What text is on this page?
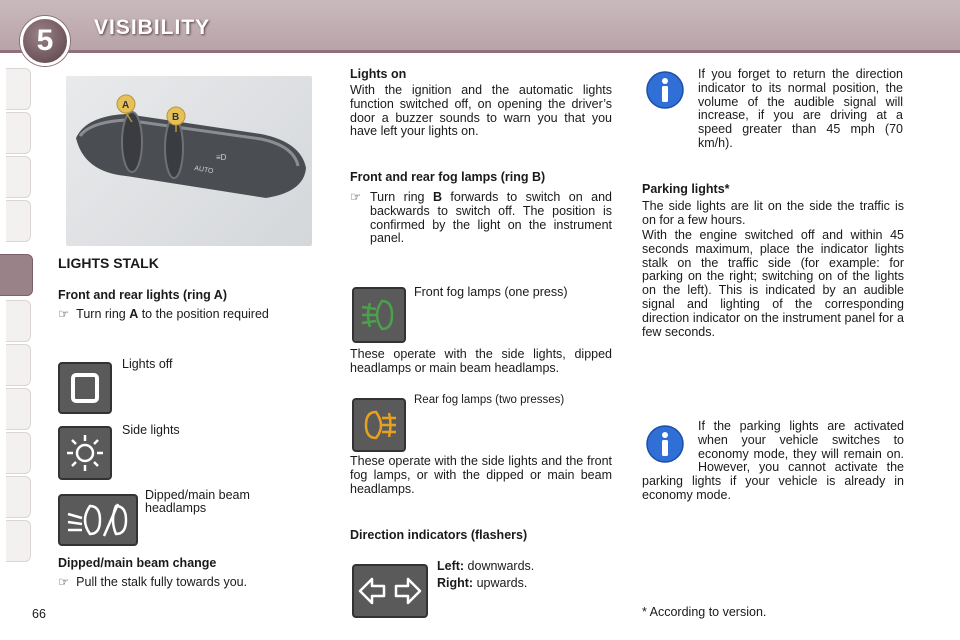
5	VISIBILITY
AUTO
≡D
A
B
LIGHTS STALK
Front and rear lights (ring A)
☞ Turn ring A to the position required
Lights off
Side lights
Dipped/main beam
headlamps
Dipped/main beam change
☞ Pull the stalk fully towards you.
66
Lights on
With the ignition and the automatic lights function switched off, on opening the driver’s door a buzzer sounds to warn you that you have left your lights on.
Front and rear fog lamps (ring B)
☞ Turn ring B forwards to switch on and backwards to switch off. The position is confirmed by the light on the instrument panel.
Front fog lamps (one press)
These operate with the side lights, dipped headlamps or main beam headlamps.
Rear fog lamps (two presses)
These operate with the side lights and the front fog lamps, or with the dipped or main beam headlamps.
Direction indicators (flashers)
Left: downwards.
Right: upwards.
If you forget to return the direction indicator to its normal position, the volume of the audible signal will increase, if you are driving at a speed greater than 45 mph (70 km/h).
Parking lights*
The side lights are lit on the side the traffic is on for a few hours.
With the engine switched off and within 45 seconds maximum, place the indicator lights stalk on the traffic side (for example: for parking on the right; switching on of the lights on the left). This is indicated by an audible signal and lighting of the corresponding direction indicator on the instrument panel for a few seconds.
If the parking lights are activated when your vehicle switches to economy mode, they will remain on. However, you cannot activate the parking lights if your vehicle is already in economy mode.
* According to version.
